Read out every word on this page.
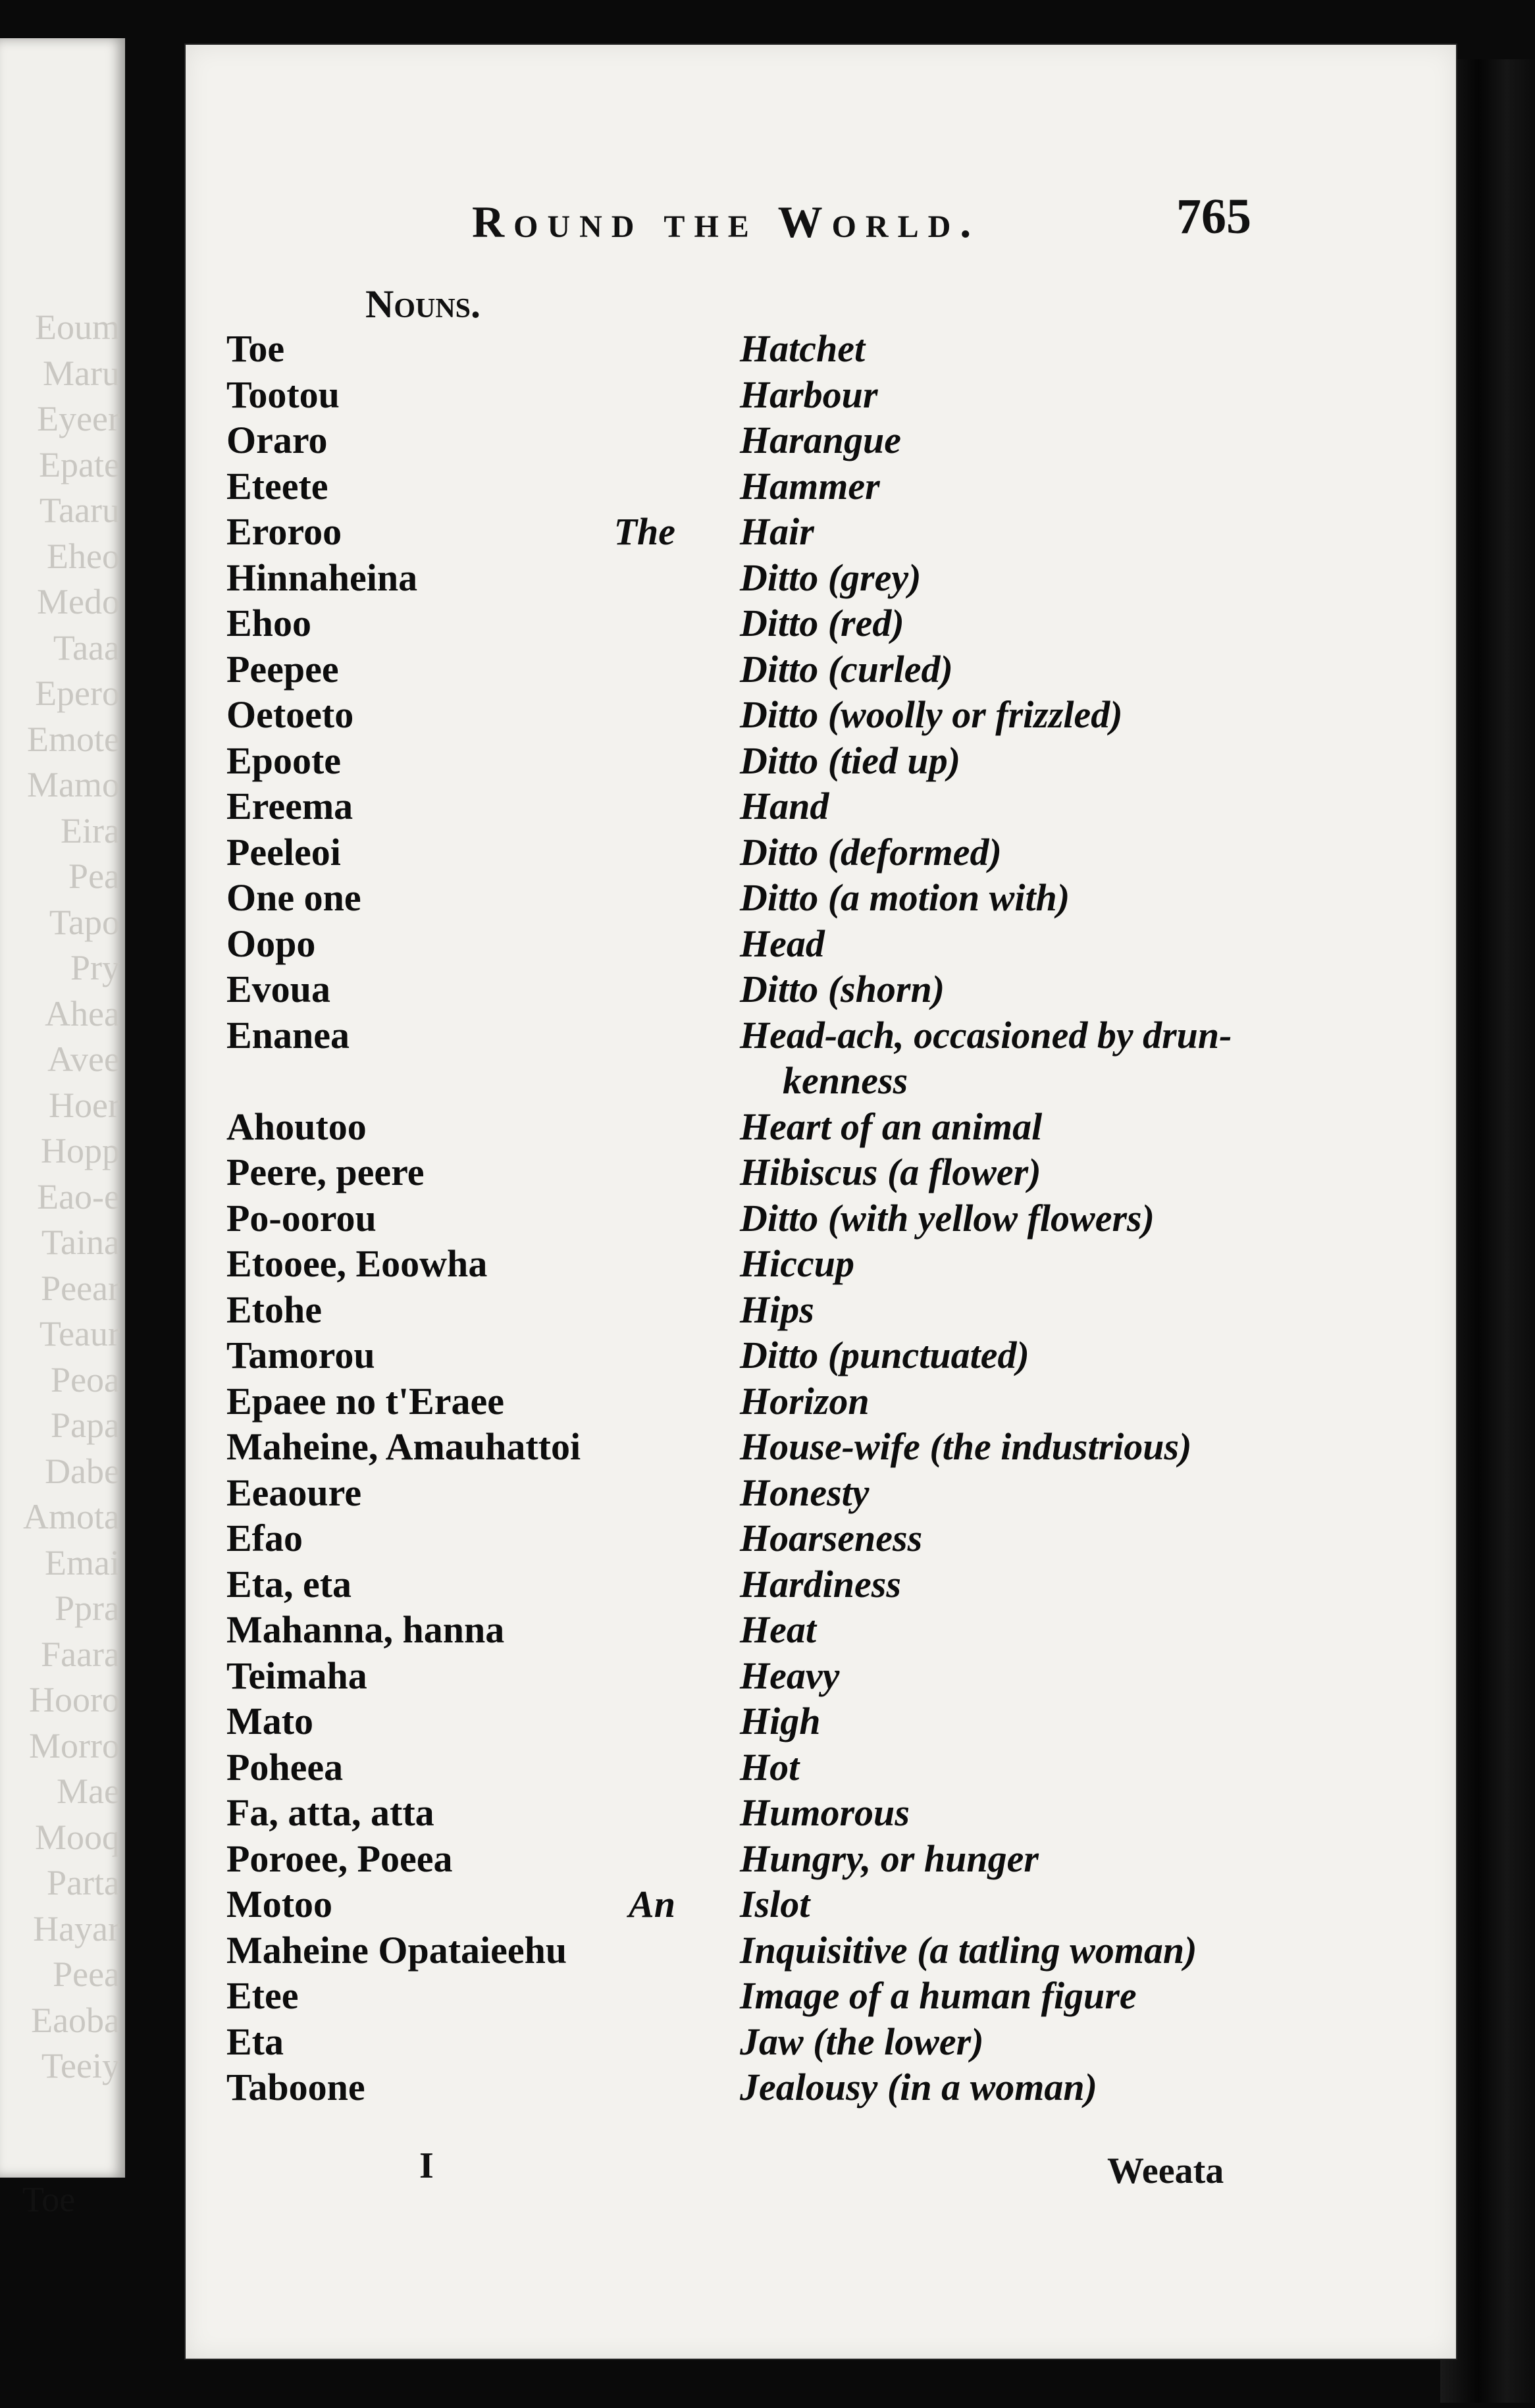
Eoum
Maru
Eyeer
Epate
Taaru
Eheo
Medo
Taaa
Epero
Emote
Mamo
Eira
Pea
Tapo
Pry
Ahea
Avee
Hoer
Hopp
Eao-e
Taina
Peear
Teaur
Peoa
Papa
Dabe
Amota
Emai
Ppra
Faara
Hooro
Morro
Mae
Mooq
Parta
Hayar
Peea
Eaoba
Teeiy
Toe
Round the World.	765
Nouns.
Toe	Hatchet
Tootou	Harbour
Oraro	Harangue
Eteete	Hammer
Eroroo	The Hair
Hinnaheina	Ditto (grey)
Ehoo	Ditto (red)
Peepee	Ditto (curled)
Oetoeto	Ditto (woolly or frizzled)
Epoote	Ditto (tied up)
Ereema	Hand
Peeleoi	Ditto (deformed)
One one	Ditto (a motion with)
Oopo	Head
Evoua	Ditto (shorn)
Enanea	Head-ach, occasioned by drun-
kenness
Ahoutoo	Heart of an animal
Peere, peere	Hibiscus (a flower)
Po-oorou	Ditto (with yellow flowers)
Etooee, Eoowha	Hiccup
Etohe	Hips
Tamorou	Ditto (punctuated)
Epaee no t'Eraee	Horizon
Maheine, Amauhattoi	House-wife (the industrious)
Eeaoure	Honesty
Efao	Hoarseness
Eta, eta	Hardiness
Mahanna, hanna	Heat
Teimaha	Heavy
Mato	High
Poheea	Hot
Fa, atta, atta	Humorous
Poroee, Poeea	Hungry, or hunger
Motoo	An Islot
Maheine Opataieehu	Inquisitive (a tatling woman)
Etee	Image of a human figure
Eta	Jaw (the lower)
Taboone	Jealousy (in a woman)
I	Weeata
